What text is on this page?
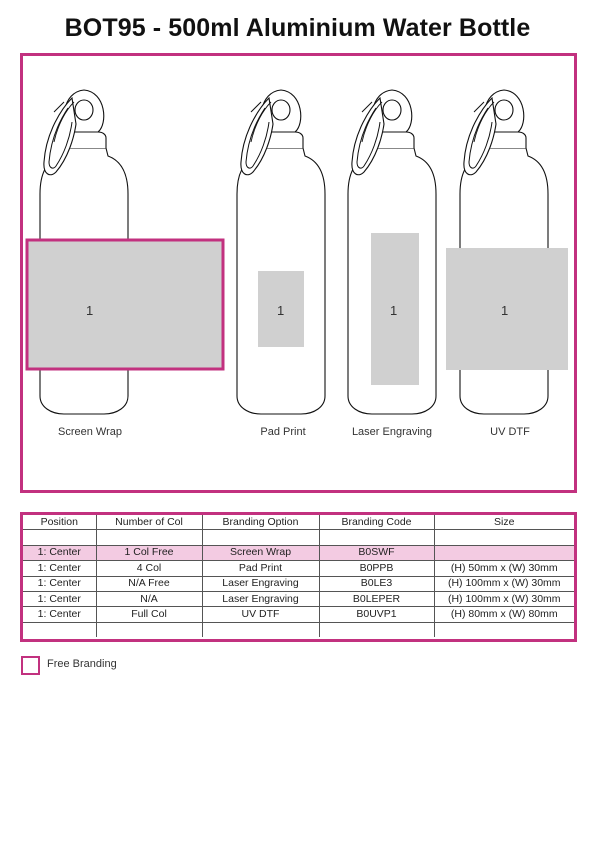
BOT95 - 500ml Aluminium Water Bottle
1	1	1	1
Screen Wrap	Pad Print	Laser Engraving	UV DTF
Position	Number of Col	Branding Option	Branding Code	Size

1: Center	1 Col Free	Screen Wrap	B0SWF	
1: Center	4 Col	Pad Print	B0PPB	(H) 50mm x (W) 30mm
1: Center	N/A Free	Laser Engraving	B0LE3	(H) 100mm x (W) 30mm
1: Center	N/A	Laser Engraving	B0LEPER	(H) 100mm x (W) 30mm
1: Center	Full Col	UV DTF	B0UVP1	(H) 80mm x (W) 80mm

Free Branding
